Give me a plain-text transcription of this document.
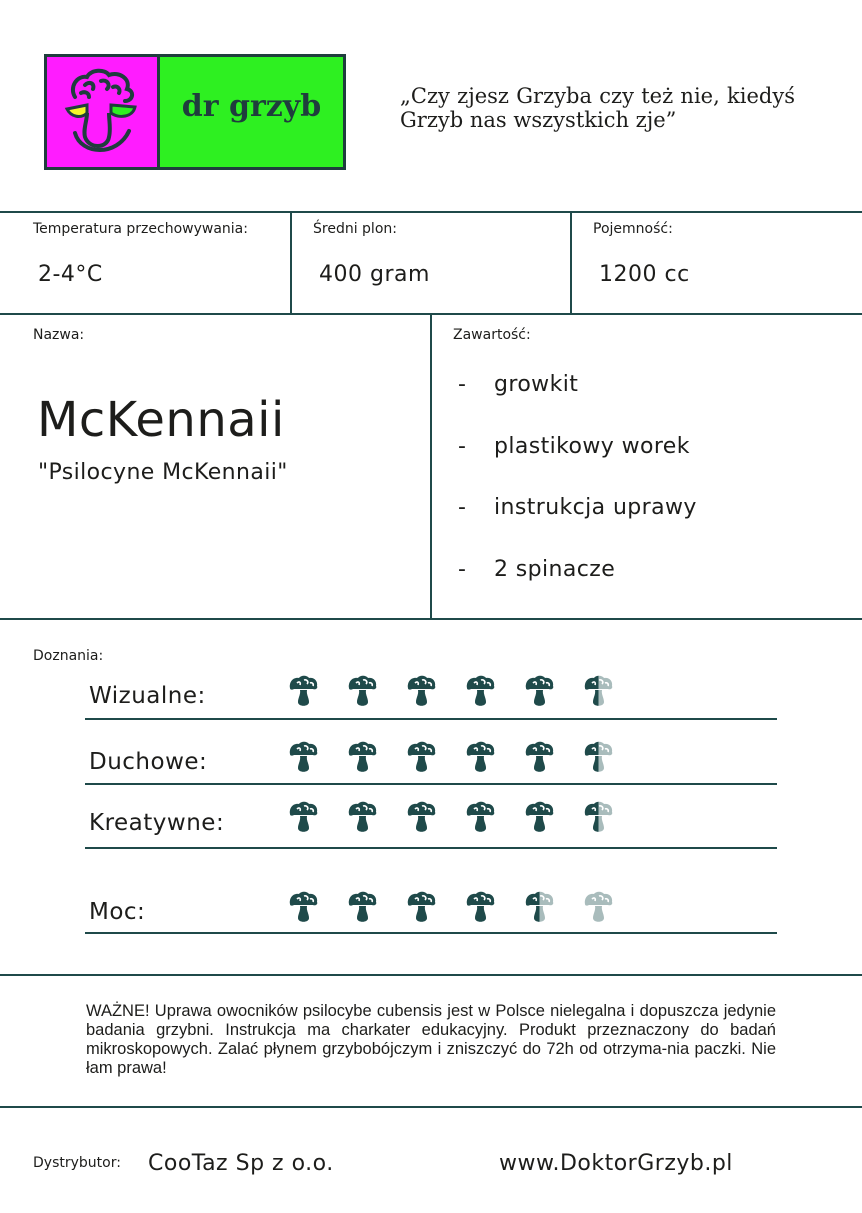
dr grzyb	„Czy zjesz Grzyba czy też nie, kiedyś Grzyb nas wszystkich zje”
Temperatura przechowywania:
2-4°C
Średni plon:
400 gram
Pojemność:
1200 cc
Nazwa:
McKennaii
"Psilocyne McKennaii"
Zawartość:
- growkit
- plastikowy worek
- instrukcja uprawy
- 2 spinacze
Doznania:
Wizualne:
Duchowe:
Kreatywne:
Moc:
WAŻNE! Uprawa owocników psilocybe cubensis jest w Polsce nielegalna i dopuszcza jedynie badania grzybni. Instrukcja ma charkater edukacyjny. Produkt przeznaczony do badań mikroskopowych. Zalać płynem grzybobójczym i zniszczyć do 72h od otrzyma-nia paczki. Nie łam prawa!
Dystrybutor: CooTaz Sp z o.o.	www.DoktorGrzyb.pl
